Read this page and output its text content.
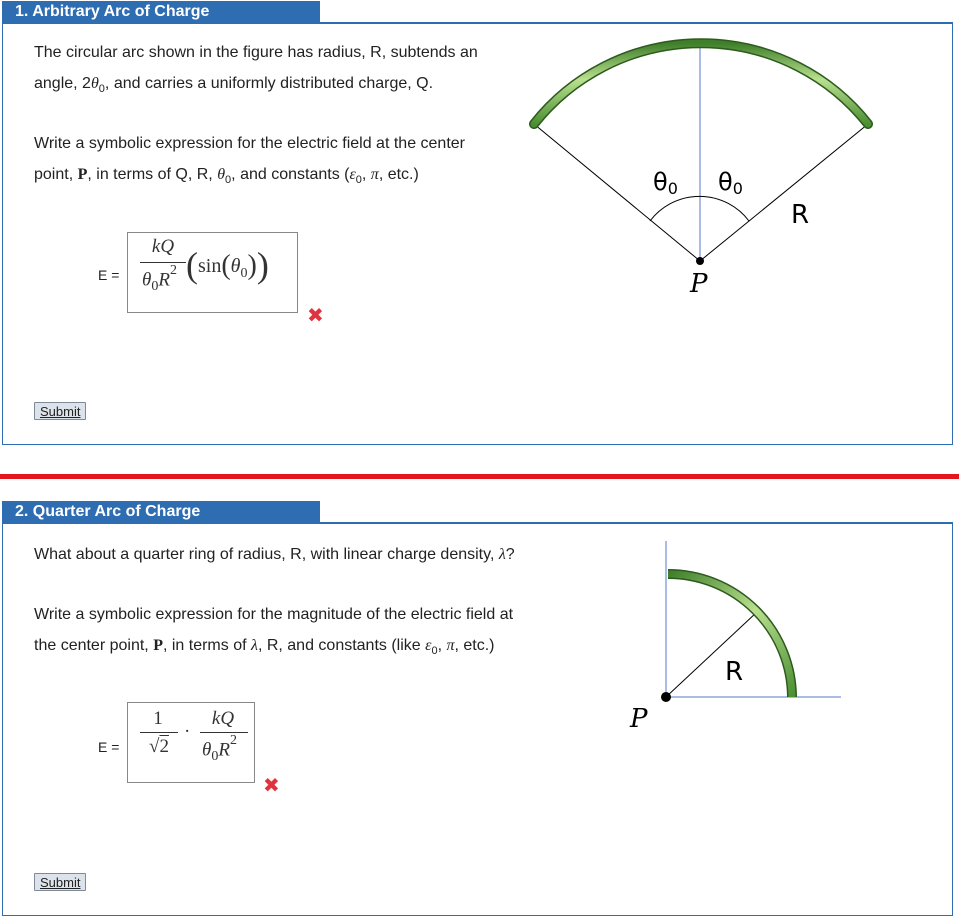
1. Arbitrary Arc of Charge
The circular arc shown in the figure has radius, R, subtends an
angle, $2\theta_0$, and carries a uniformly distributed charge, Q.
Write a symbolic expression for the electric field at the center
point, P, in terms of Q, R, $\theta_0$, and constants ($\varepsilon_0$, π, etc.)
E =
kQ
$\theta_0R^2$ $(\sin(\theta_0))$
✖
Submit
θ0 θ0
R
P
2. Quarter Arc of Charge
What about a quarter ring of radius, R, with linear charge density, λ?
Write a symbolic expression for the magnitude of the electric field at
the center point, P, in terms of λ, R, and constants (like $\varepsilon_0$, π, etc.)
E =
1
√2
·
kQ
$\theta_0R^2$
✖
Submit
R
P
